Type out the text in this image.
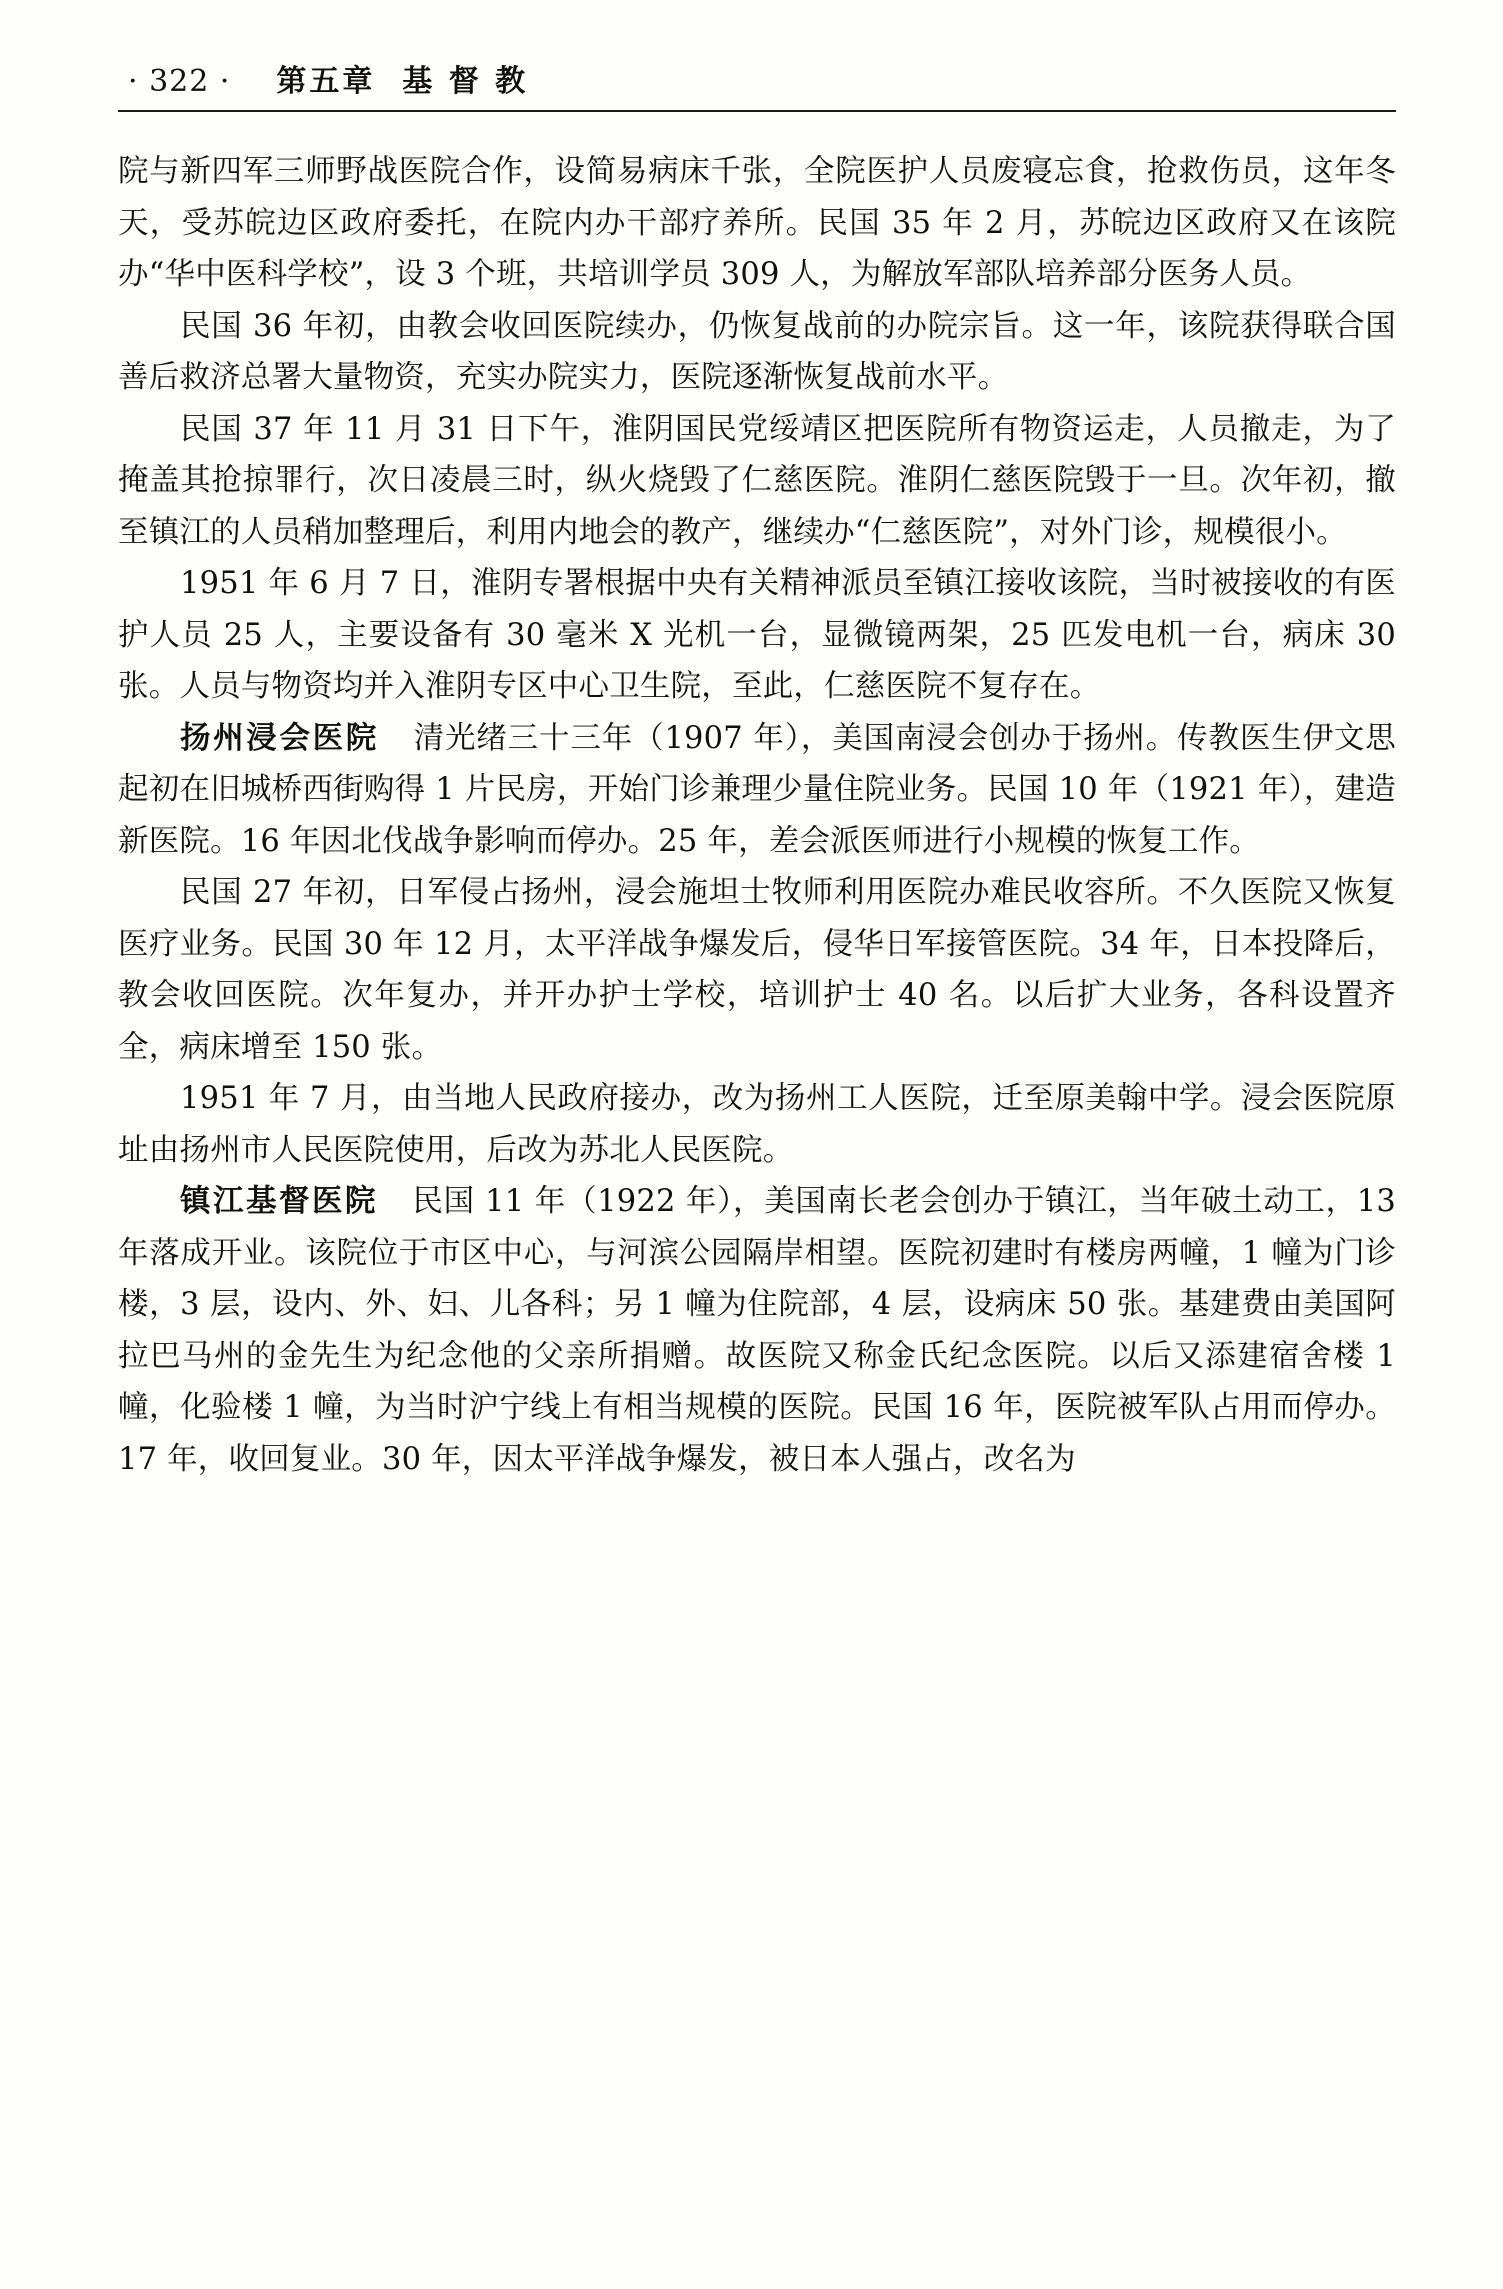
· 322 · 第五章  基 督 教

院与新四军三师野战医院合作，设简易病床千张，全院医护人员废寝忘食，抢救伤员，这年冬天，受苏皖边区政府委托，在院内办干部疗养所。民国 35 年 2 月，苏皖边区政府又在该院办“华中医科学校”，设 3 个班，共培训学员 309 人，为解放军部队培养部分医务人员。

民国 36 年初，由教会收回医院续办，仍恢复战前的办院宗旨。这一年，该院获得联合国善后救济总署大量物资，充实办院实力，医院逐渐恢复战前水平。

民国 37 年 11 月 31 日下午，淮阴国民党绥靖区把医院所有物资运走，人员撤走，为了掩盖其抢掠罪行，次日凌晨三时，纵火烧毁了仁慈医院。淮阴仁慈医院毁于一旦。次年初，撤至镇江的人员稍加整理后，利用内地会的教产，继续办“仁慈医院”，对外门诊，规模很小。

1951 年 6 月 7 日，淮阴专署根据中央有关精神派员至镇江接收该院，当时被接收的有医护人员 25 人，主要设备有 30 毫米 X 光机一台，显微镜两架，25 匹发电机一台，病床 30 张。人员与物资均并入淮阴专区中心卫生院，至此，仁慈医院不复存在。

扬州浸会医院 清光绪三十三年（1907 年），美国南浸会创办于扬州。传教医生伊文思起初在旧城桥西街购得 1 片民房，开始门诊兼理少量住院业务。民国 10 年（1921 年），建造新医院。16 年因北伐战争影响而停办。25 年，差会派医师进行小规模的恢复工作。

民国 27 年初，日军侵占扬州，浸会施坦士牧师利用医院办难民收容所。不久医院又恢复医疗业务。民国 30 年 12 月，太平洋战争爆发后，侵华日军接管医院。34 年，日本投降后，教会收回医院。次年复办，并开办护士学校，培训护士 40 名。以后扩大业务，各科设置齐全，病床增至 150 张。

1951 年 7 月，由当地人民政府接办，改为扬州工人医院，迁至原美翰中学。浸会医院原址由扬州市人民医院使用，后改为苏北人民医院。

镇江基督医院 民国 11 年（1922 年），美国南长老会创办于镇江，当年破土动工，13 年落成开业。该院位于市区中心，与河滨公园隔岸相望。医院初建时有楼房两幢，1 幢为门诊楼，3 层，设内、外、妇、儿各科；另 1 幢为住院部，4 层，设病床 50 张。基建费由美国阿拉巴马州的金先生为纪念他的父亲所捐赠。故医院又称金氏纪念医院。以后又添建宿舍楼 1 幢，化验楼 1 幢，为当时沪宁线上有相当规模的医院。民国 16 年，医院被军队占用而停办。17 年，收回复业。30 年，因太平洋战争爆发，被日本人强占，改名为
